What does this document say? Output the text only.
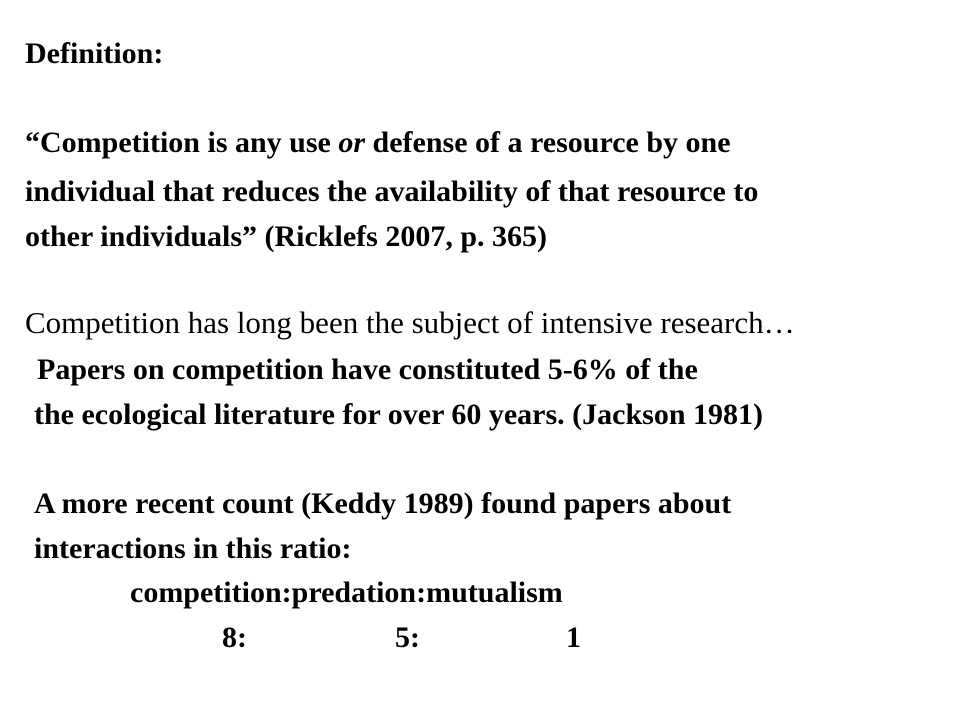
Definition:
“Competition is any use or defense of a resource by one
individual that reduces the availability of that resource to
other individuals” (Ricklefs 2007, p. 365)
Competition has long been the subject of intensive research…
Papers on competition have constituted 5-6% of the
the ecological literature for over 60 years. (Jackson 1981)
A more recent count (Keddy 1989) found papers about
interactions in this ratio:
competition:predation:mutualism
8:	5:	1
